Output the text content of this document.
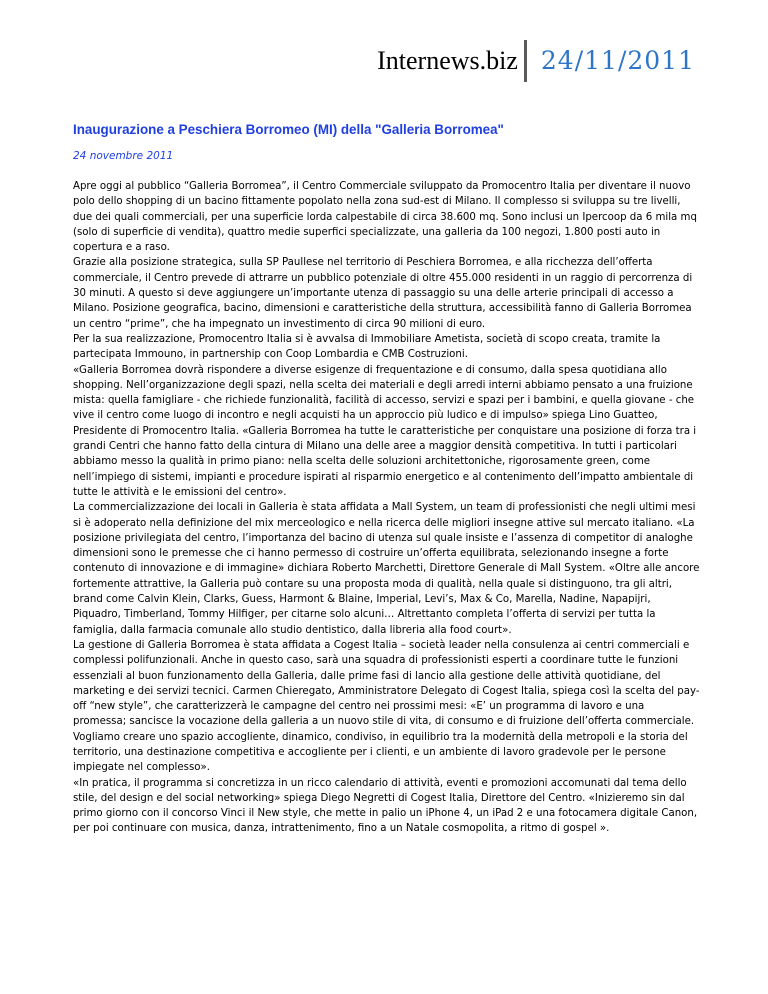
Internews.biz 24/11/2011
Inaugurazione a Peschiera Borromeo (MI) della "Galleria Borromea"
24 novembre 2011

Apre oggi al pubblico “Galleria Borromea”, il Centro Commerciale sviluppato da Promocentro Italia per diventare il nuovo polo dello shopping di un bacino fittamente popolato nella zona sud-est di Milano. Il complesso si sviluppa su tre livelli, due dei quali commerciali, per una superficie lorda calpestabile di circa 38.600 mq. Sono inclusi un Ipercoop da 6 mila mq (solo di superficie di vendita), quattro medie superfici specializzate, una galleria da 100 negozi, 1.800 posti auto in copertura e a raso.

Grazie alla posizione strategica, sulla SP Paullese nel territorio di Peschiera Borromea, e alla ricchezza dell’offerta commerciale, il Centro prevede di attrarre un pubblico potenziale di oltre 455.000 residenti in un raggio di percorrenza di 30 minuti. A questo si deve aggiungere un’importante utenza di passaggio su una delle arterie principali di accesso a Milano. Posizione geografica, bacino, dimensioni e caratteristiche della struttura, accessibilità fanno di Galleria Borromea un centro “prime”, che ha impegnato un investimento di circa 90 milioni di euro.

Per la sua realizzazione, Promocentro Italia si è avvalsa di Immobiliare Ametista, società di scopo creata, tramite la partecipata Immouno, in partnership con Coop Lombardia e CMB Costruzioni.

«Galleria Borromea dovrà rispondere a diverse esigenze di frequentazione e di consumo, dalla spesa quotidiana allo shopping. Nell’organizzazione degli spazi, nella scelta dei materiali e degli arredi interni abbiamo pensato a una fruizione mista: quella famigliare - che richiede funzionalità, facilità di accesso, servizi e spazi per i bambini, e quella giovane - che vive il centro come luogo di incontro e negli acquisti ha un approccio più ludico e di impulso» spiega Lino Guatteo, Presidente di Promocentro Italia. «Galleria Borromea ha tutte le caratteristiche per conquistare una posizione di forza tra i grandi Centri che hanno fatto della cintura di Milano una delle aree a maggior densità competitiva. In tutti i particolari abbiamo messo la qualità in primo piano: nella scelta delle soluzioni architettoniche, rigorosamente green, come nell’impiego di sistemi, impianti e procedure ispirati al risparmio energetico e al contenimento dell’impatto ambientale di tutte le attività e le emissioni del centro».

La commercializzazione dei locali in Galleria è stata affidata a Mall System, un team di professionisti che negli ultimi mesi si è adoperato nella definizione del mix merceologico e nella ricerca delle migliori insegne attive sul mercato italiano. «La posizione privilegiata del centro, l’importanza del bacino di utenza sul quale insiste e l’assenza di competitor di analoghe dimensioni sono le premesse che ci hanno permesso di costruire un’offerta equilibrata, selezionando insegne a forte contenuto di innovazione e di immagine» dichiara Roberto Marchetti, Direttore Generale di Mall System. «Oltre alle ancore fortemente attrattive, la Galleria può contare su una proposta moda di qualità, nella quale si distinguono, tra gli altri, brand come Calvin Klein, Clarks, Guess, Harmont & Blaine, Imperial, Levi’s, Max & Co, Marella, Nadine, Napapijri, Piquadro, Timberland, Tommy Hilfiger, per citarne solo alcuni… Altrettanto completa l’offerta di servizi per tutta la famiglia, dalla farmacia comunale allo studio dentistico, dalla libreria alla food court».

La gestione di Galleria Borromea è stata affidata a Cogest Italia – società leader nella consulenza ai centri commerciali e complessi polifunzionali. Anche in questo caso, sarà una squadra di professionisti esperti a coordinare tutte le funzioni essenziali al buon funzionamento della Galleria, dalle prime fasi di lancio alla gestione delle attività quotidiane, del marketing e dei servizi tecnici. Carmen Chieregato, Amministratore Delegato di Cogest Italia, spiega così la scelta del pay-off “new style”, che caratterizzerà le campagne del centro nei prossimi mesi: «E’ un programma di lavoro e una promessa; sancisce la vocazione della galleria a un nuovo stile di vita, di consumo e di fruizione dell’offerta commerciale. Vogliamo creare uno spazio accogliente, dinamico, condiviso, in equilibrio tra la modernità della metropoli e la storia del territorio, una destinazione competitiva e accogliente per i clienti, e un ambiente di lavoro gradevole per le persone impiegate nel complesso».

«In pratica, il programma si concretizza in un ricco calendario di attività, eventi e promozioni accomunati dal tema dello stile, del design e del social networking» spiega Diego Negretti di Cogest Italia, Direttore del Centro. «Inizieremo sin dal primo giorno con il concorso Vinci il New style, che mette in palio un iPhone 4, un iPad 2 e una fotocamera digitale Canon, per poi continuare con musica, danza, intrattenimento, fino a un Natale cosmopolita, a ritmo di gospel ».
